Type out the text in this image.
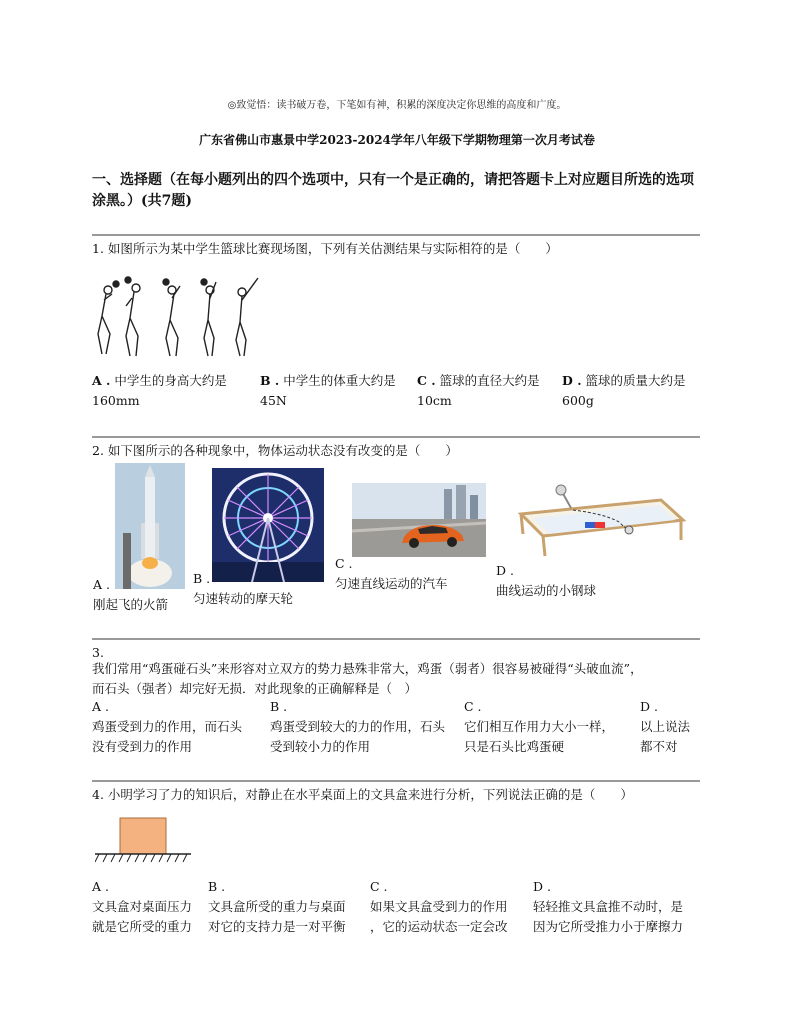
◎致觉悟：读书破万卷，下笔如有神，积累的深度决定你思维的高度和广度。
广东省佛山市惠景中学2023-2024学年八年级下学期物理第一次月考试卷
一、选择题（在每小题列出的四个选项中，只有一个是正确的，请把答题卡上对应题目所选的选项涂黑。）(共7题)
1. 如图所示为某中学生篮球比赛现场图，下列有关估测结果与实际相符的是（　　）
A . 中学生的身高大约是
160mm
B . 中学生的体重大约是
45N
C . 篮球的直径大约是
10cm
D . 篮球的质量大约是
600g
2. 如下图所示的各种现象中，物体运动状态没有改变的是（　　）
A .
刚起飞的火箭
B .
匀速转动的摩天轮
C .
匀速直线运动的汽车
D .
曲线运动的小钢球
3.
我们常用“鸡蛋碰石头”来形容对立双方的势力悬殊非常大，鸡蛋（弱者）很容易被碰得“头破血流”，
而石头（强者）却完好无损．对此现象的正确解释是（　）
A .
鸡蛋受到力的作用，而石头
没有受到力的作用
B .
鸡蛋受到较大的力的作用，石头
受到较小力的作用
C .
它们相互作用力大小一样，
只是石头比鸡蛋硬
D .
以上说法
都不对
4. 小明学习了力的知识后，对静止在水平桌面上的文具盒来进行分析，下列说法正确的是（　　）
A .
文具盒对桌面压力
就是它所受的重力
B .
文具盒所受的重力与桌面
对它的支持力是一对平衡
C .
如果文具盒受到力的作用
，它的运动状态一定会改
D .
轻轻推文具盒推不动时，是
因为它所受推力小于摩擦力
